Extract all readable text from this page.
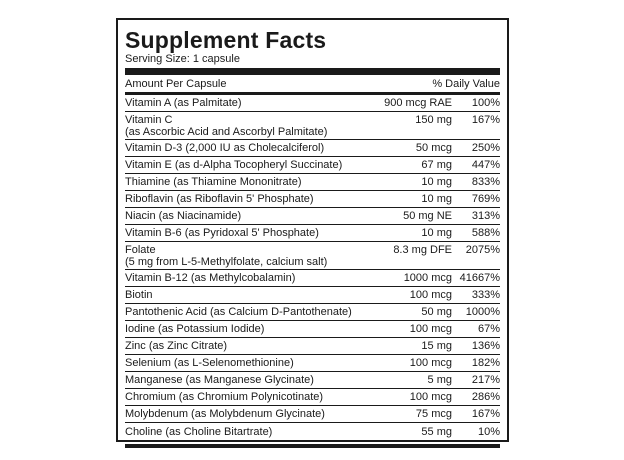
Supplement Facts
Serving Size: 1 capsule
Amount Per Capsule	% Daily Value
Vitamin A (as Palmitate)	900 mcg RAE	100%
Vitamin C
(as Ascorbic Acid and Ascorbyl Palmitate)
150 mg	167%
Vitamin D-3 (2,000 IU as Cholecalciferol)	50 mcg	250%
Vitamin E (as d-Alpha Tocopheryl Succinate)	67 mg	447%
Thiamine (as Thiamine Mononitrate)	10 mg	833%
Riboflavin (as Riboflavin 5' Phosphate)	10 mg	769%
Niacin (as Niacinamide)	50 mg NE	313%
Vitamin B-6 (as Pyridoxal 5' Phosphate)	10 mg	588%
Folate
(5 mg from L-5-Methylfolate, calcium salt)
8.3 mg DFE	2075%
Vitamin B-12 (as Methylcobalamin)	1000 mcg 41667%
Biotin	100 mcg	333%
Pantothenic Acid (as Calcium D-Pantothenate)	50 mg	1000%
Iodine (as Potassium Iodide)	100 mcg	67%
Zinc (as Zinc Citrate)	15 mg	136%
Selenium (as L-Selenomethionine)	100 mcg	182%
Manganese (as Manganese Glycinate)	5 mg	217%
Chromium (as Chromium Polynicotinate)	100 mcg	286%
Molybdenum (as Molybdenum Glycinate)	75 mcg	167%
Choline (as Choline Bitartrate)	55 mg	10%
